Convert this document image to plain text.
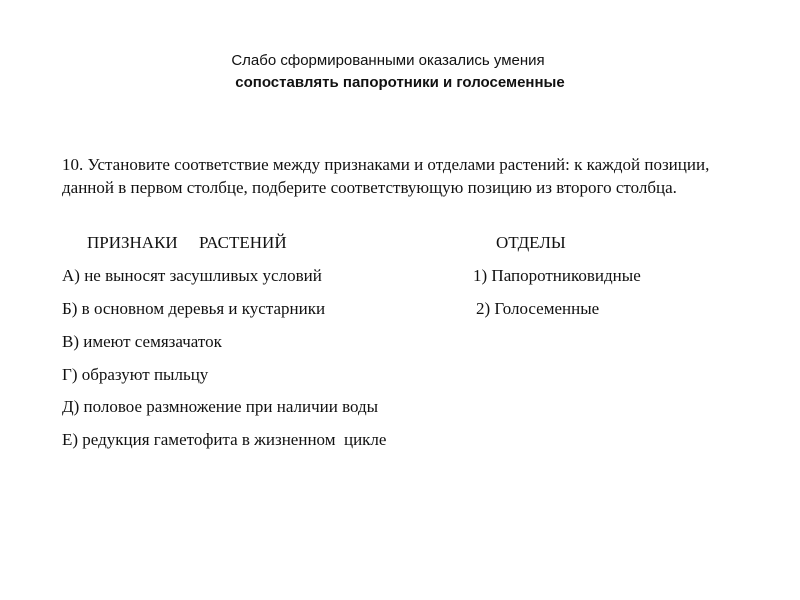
Слабо сформированными оказались умения
сопоставлять папоротники и голосеменные
10. Установите соответствие между признаками и отделами растений: к каждой позиции, данной в первом столбце, подберите соответствующую позицию из второго столбца.
ПРИЗНАКИ     РАСТЕНИЙ	ОТДЕЛЫ
А) не выносят засушливых условий
Б) в основном деревья и кустарники
В) имеют семязачаток
Г) образуют пыльцу
Д) половое размножение при наличии воды
Е) редукция гаметофита в жизненном  цикле
1) Папоротниковидные
2) Голосеменные
